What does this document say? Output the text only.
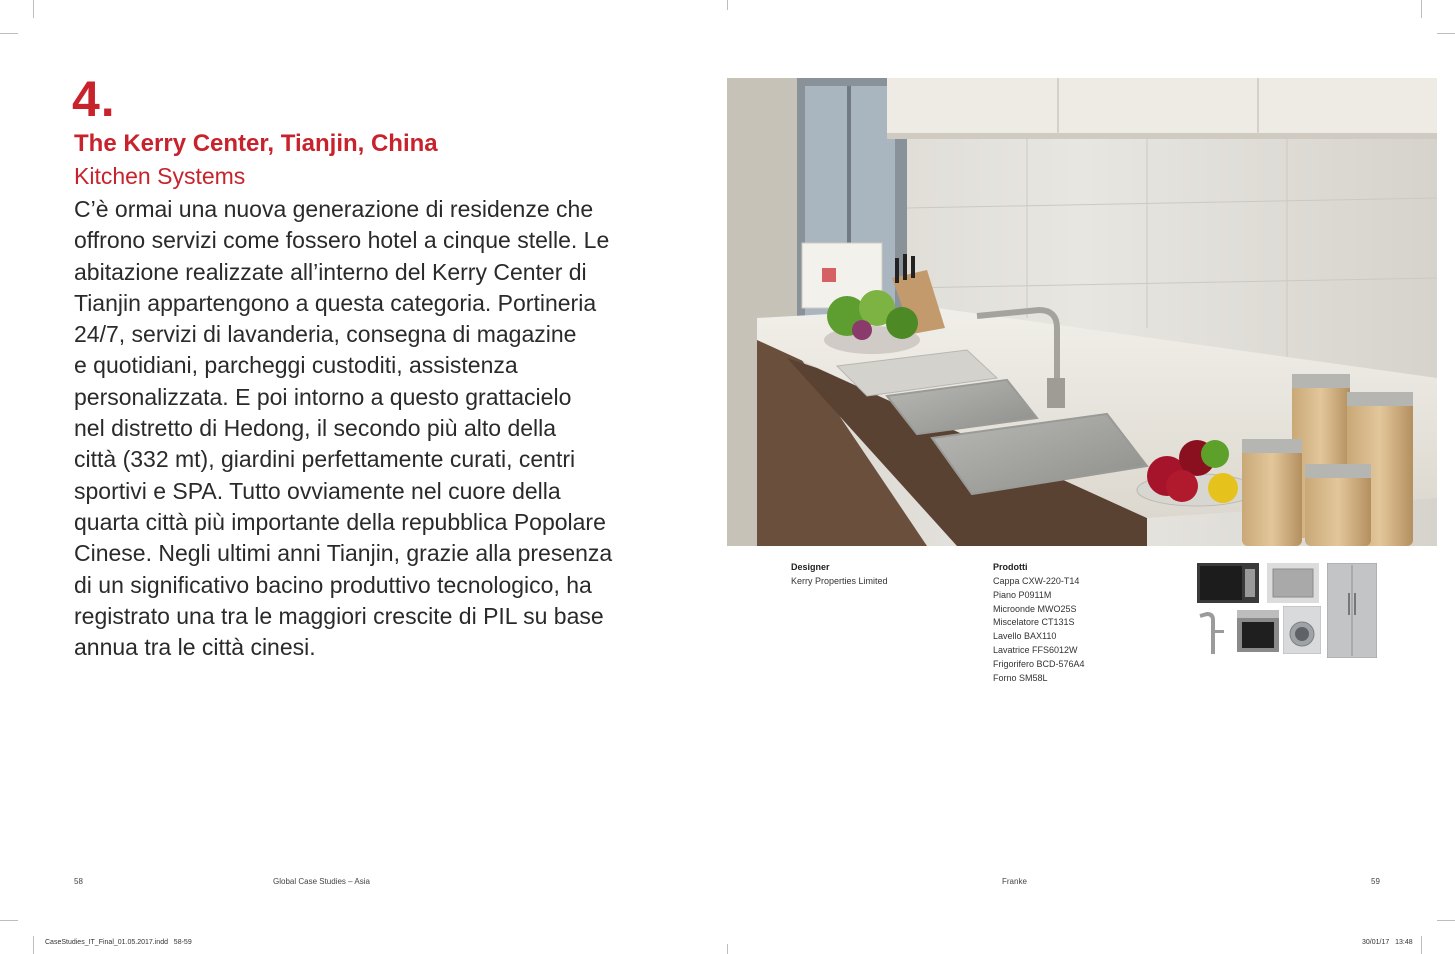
4.
The Kerry Center, Tianjin, China
Kitchen Systems

C’è ormai una nuova generazione di residenze che
offrono servizi come fossero hotel a cinque stelle. Le
abitazione realizzate all’interno del Kerry Center di
Tianjin appartengono a questa categoria. Portineria
24/7, servizi di lavanderia, consegna di magazine
e quotidiani, parcheggi custoditi, assistenza
personalizzata. E poi intorno a questo grattacielo
nel distretto di Hedong, il secondo più alto della
città (332 mt), giardini perfettamente curati, centri
sportivi e SPA. Tutto ovviamente nel cuore della
quarta città più importante della repubblica Popolare
Cinese. Negli ultimi anni Tianjin, grazie alla presenza
di un significativo bacino produttivo tecnologico, ha
registrato una tra le maggiori crescite di PIL su base
annua tra le città cinesi.

Designer
Kerry Properties Limited
Prodotti
Cappa CXW-220-T14
Piano P0911M
Microonde MWO25S
Miscelatore CT131S
Lavello BAX110
Lavatrice FFS6012W
Frigorifero BCD-576A4
Forno SM58L
58	Global Case Studies – Asia	Franke	59
CaseStudies_IT_Final_01.05.2017.indd   58-59	30/01/17   13:48
